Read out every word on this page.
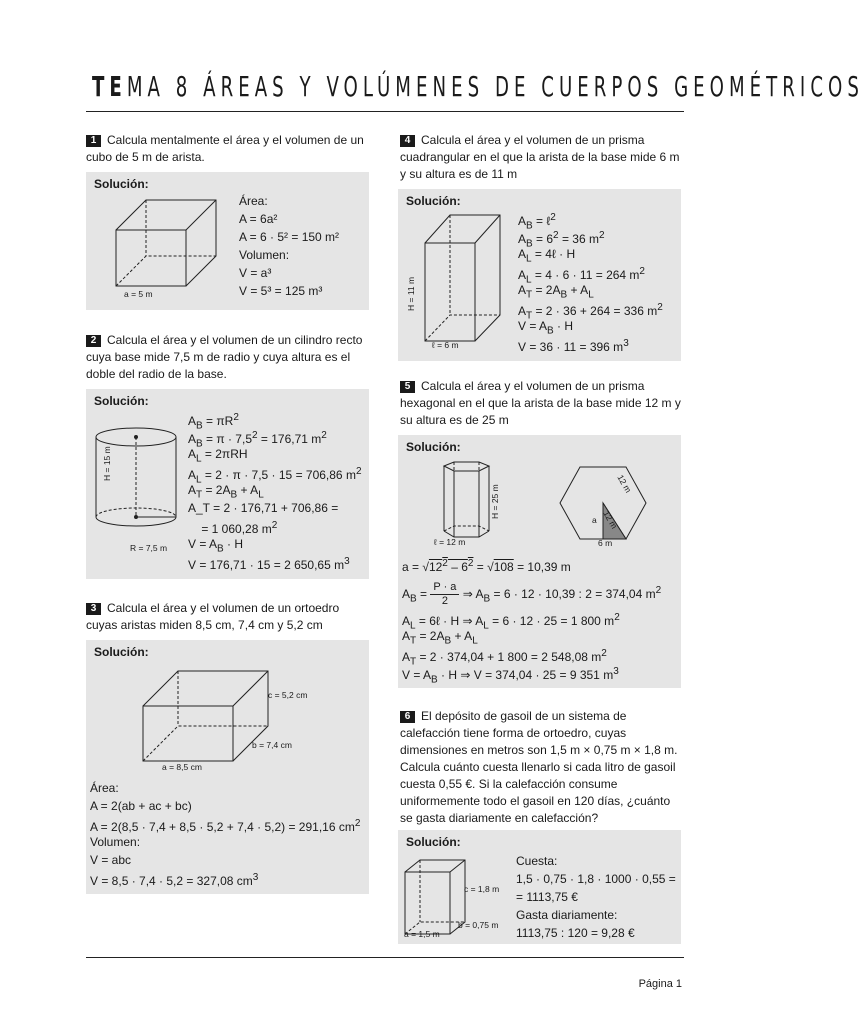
TEMA 8 ÁREAS Y VOLÚMENES DE CUERPOS GEOMÉTRICOS
1 Calcula mentalmente el área y el volumen de un cubo de 5 m de arista.
Solución:
a = 5 m
Área:
A = 6a²
A = 6 · 5² = 150 m²
Volumen:
V = a³
V = 5³ = 125 m³
2 Calcula el área y el volumen de un cilindro recto cuya base mide 7,5 m de radio y cuya altura es el doble del radio de la base.
Solución:
H = 15 m
R = 7,5 m
$A_B = \pi R^2$
$A_B = \pi \cdot 7,5^2 = 176,71$ $m^2$
$A_L = 2\pi RH$
$A_L = 2 \cdot \pi \cdot 7,5 \cdot 15 = 706,86$ $m^2$
$A_T = 2A_B + A_L$
A_T = 2 · 176,71 + 706,86 =
= 1 060,28 $m^2$
$V = A_B \cdot H$
V = 176,71 · 15 = 2 650,65 $m^3$
3 Calcula el área y el volumen de un ortoedro cuyas aristas miden 8,5 cm, 7,4 cm y 5,2 cm
Solución:
c = 5,2 cm
b = 7,4 cm
a = 8,5 cm
Área:
A = 2(ab + ac + bc)
A = 2(8,5 · 7,4 + 8,5 · 5,2 + 7,4 · 5,2) = 291,16 $cm^2$
Volumen:
V = abc
V = 8,5 · 7,4 · 5,2 = 327,08 $cm^3$
4 Calcula el área y el volumen de un prisma cuadrangular en el que la arista de la base mide 6 m y su altura es de 11 m
Solución:
H = 11 m
ℓ = 6 m
$A_B$ = ℓ$^2$
$A_B = 6^2 = 36$ $m^2$
$A_L$ = 4ℓ · H
$A_L = 4 \cdot 6 \cdot 11 = 264$ $m^2$
$A_T = 2A_B + A_L$
$A_T = 2 \cdot 36 + 264 = 336$ $m^2$
$V = A_B \cdot H$
V = 36 · 11 = 396 $m^3$
5 Calcula el área y el volumen de un prisma hexagonal en el que la arista de la base mide 12 m y su altura es de 25 m
Solución:
H = 25 m
ℓ = 12 m
12 m
12 m
a
6 m
$a = √12^2 - 6^2 = √108 = 10,39$ m
$A_B = \frac{P \cdot a}{2}$ ⇒ $A_B = 6 \cdot 12 \cdot 10,39$ : 2 = 374,04 $m^2$
$A_L$ = 6ℓ · H ⇒ $A_L = 6 \cdot 12 \cdot 25 = 1$ 800 $m^2$
$A_T = 2A_B + A_L$
$A_T = 2 \cdot 374,04 + 1$ 800 = 2 548,08 $m^2$
$V = A_B \cdot H$ ⇒ V = 374,04 · 25 = 9 351 $m^3$
6 El depósito de gasoil de un sistema de calefacción tiene forma de ortoedro, cuyas dimensiones en metros son 1,5 m × 0,75 m × 1,8 m. Calcula cuánto cuesta llenarlo si cada litro de gasoil cuesta 0,55 €. Si la calefacción consume uniformemente todo el gasoil en 120 días, ¿cuánto se gasta diariamente en calefacción?
Solución:
c = 1,8 m
b = 0,75 m
a = 1,5 m
Cuesta:
1,5 · 0,75 · 1,8 · 1000 · 0,55 =
= 1113,75 €
Gasta diariamente:
1113,75 : 120 = 9,28 €
Página 1
